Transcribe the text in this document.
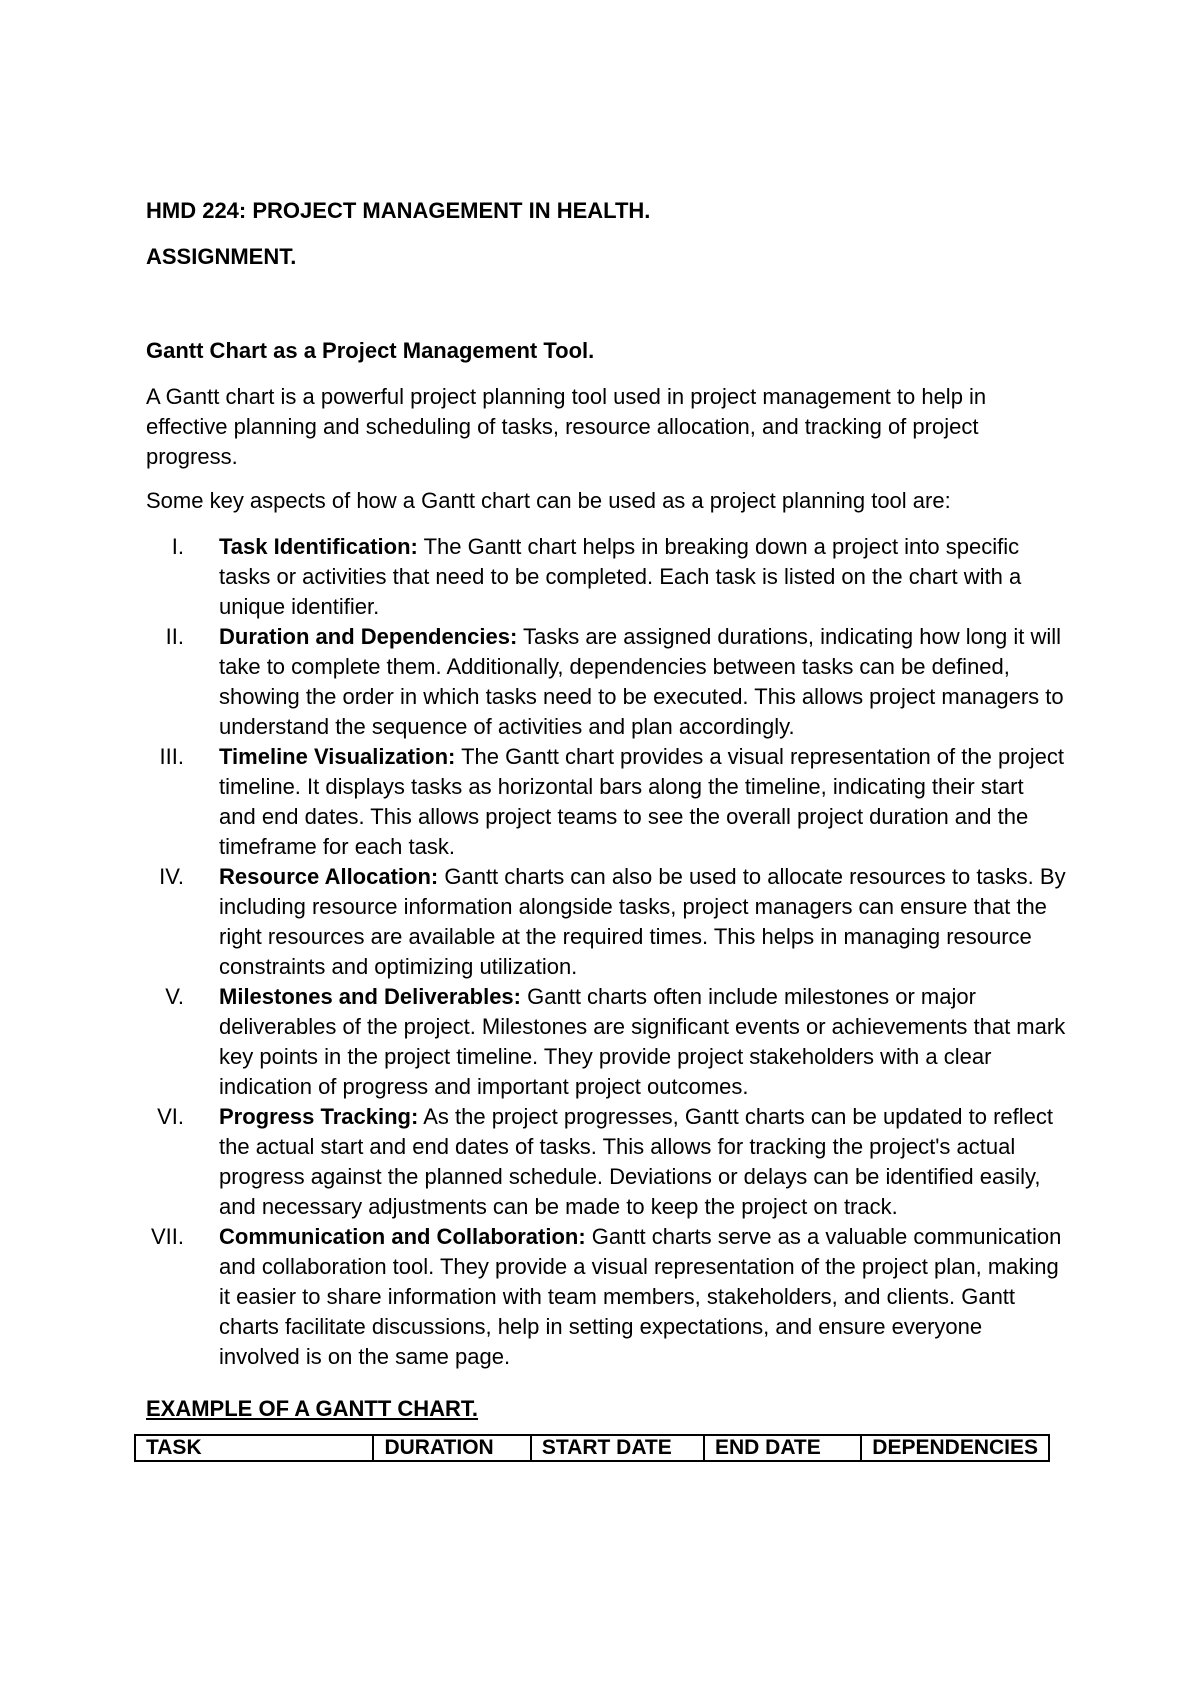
HMD 224: PROJECT MANAGEMENT IN HEALTH.

ASSIGNMENT.

Gantt Chart as a Project Management Tool.

A Gantt chart is a powerful project planning tool used in project management to help in effective planning and scheduling of tasks, resource allocation, and tracking of project progress.

Some key aspects of how a Gantt chart can be used as a project planning tool are:

I. Task Identification: The Gantt chart helps in breaking down a project into specific tasks or activities that need to be completed. Each task is listed on the chart with a unique identifier.
II. Duration and Dependencies: Tasks are assigned durations, indicating how long it will take to complete them. Additionally, dependencies between tasks can be defined, showing the order in which tasks need to be executed. This allows project managers to understand the sequence of activities and plan accordingly.
III. Timeline Visualization: The Gantt chart provides a visual representation of the project timeline. It displays tasks as horizontal bars along the timeline, indicating their start and end dates. This allows project teams to see the overall project duration and the timeframe for each task.
IV. Resource Allocation: Gantt charts can also be used to allocate resources to tasks. By including resource information alongside tasks, project managers can ensure that the right resources are available at the required times. This helps in managing resource constraints and optimizing utilization.
V. Milestones and Deliverables: Gantt charts often include milestones or major deliverables of the project. Milestones are significant events or achievements that mark key points in the project timeline. They provide project stakeholders with a clear indication of progress and important project outcomes.
VI. Progress Tracking: As the project progresses, Gantt charts can be updated to reflect the actual start and end dates of tasks. This allows for tracking the project's actual progress against the planned schedule. Deviations or delays can be identified easily, and necessary adjustments can be made to keep the project on track.
VII. Communication and Collaboration: Gantt charts serve as a valuable communication and collaboration tool. They provide a visual representation of the project plan, making it easier to share information with team members, stakeholders, and clients. Gantt charts facilitate discussions, help in setting expectations, and ensure everyone involved is on the same page.

EXAMPLE OF A GANTT CHART.

TASK	DURATION	START DATE	END DATE	DEPENDENCIES
